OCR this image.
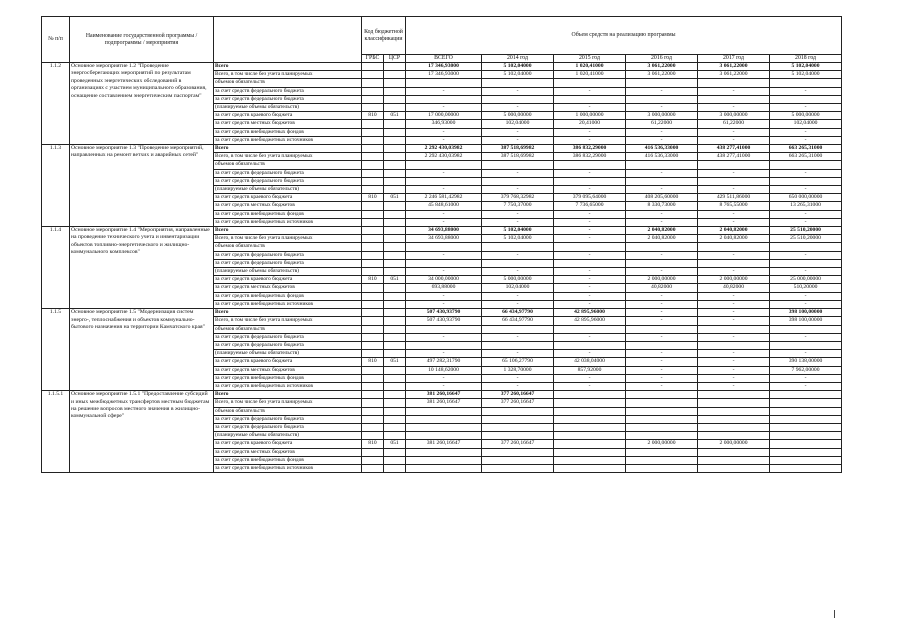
№ п/п	Наименование государственной программы / подпрограммы / мероприятия		Код бюджетной классификации		Объем средств на реализацию программы					
			ГРБС	ЦСР	ВСЕГО	2014 год	2015 год	2016 год	2017 год	2018 год
1.1.2	Основное мероприятие 1.2 "Проведение энергосберегающих мероприятий по результатам проведенных энергетических обследований в организациях с участием муниципального образования, оснащение составлением энергетическим паспортам"	Всего			17 346,93000	5 102,04000	1 020,41000	3 061,22000	3 061,22000	5 102,04000
		Всего, в том числе без учета планируемых			17 346,93000	5 102,04000	1 020,41000	3 061,22000	3 061,22000	5 102,04000
		объемов обязательств								
		за счет средств федерального бюджета			-	-	-	-	-	-
		за счет средств федерального бюджета								
		(планируемые объемы обязательств)			-	-	-	-	-	-
		за счет средств краевого бюджета	810	051	17 000,00000	5 000,00000	1 000,00000	3 000,00000	3 000,00000	5 000,00000
		за счет средств местных бюджетов			346,93000	102,04000	20,41000	61,22000	61,22000	102,04000
		за счет средств внебюджетных фондов			-	-	-	-	-	-
		за счет средств внебюджетных источников			-	-	-	-	-	-
1.1.3	Основное мероприятие 1.3 "Проведение мероприятий, направленных на ремонт ветхих и аварийных сетей"	Всего			2 292 430,03982	387 518,69982	386 832,29000	416 536,33000	438 277,41000	663 265,31000
		Всего, в том числе без учета планируемых			2 292 430,03982	387 518,69982	386 832,29000	416 536,33000	438 277,41000	663 265,31000
		объемов обязательств								
		за счет средств федерального бюджета			-	-	-	-	-	-
		за счет средств федерального бюджета								
		(планируемые объемы обязательств)			-	-	-	-	-	-
		за счет средств краевого бюджета	810	051	2 246 581,42982	379 768,32982	379 095,64000	408 205,60000	429 511,86000	650 000,00000
		за счет средств местных бюджетов			45 848,61000	7 750,37000	7 736,65000	8 330,73000	8 765,55000	13 265,31000
		за счет средств внебюджетных фондов			-	-	-	-	-	-
		за счет средств внебюджетных источников			-	-	-	-	-	-
1.1.4	Основное мероприятие 1.4 "Мероприятия, направленные на проведение технического учета и инвентаризации объектов топливно-энергетического и жилищно-коммунального комплексов"	Всего			34 693,88000	5 102,04000	-	2 040,82000	2 040,82000	25 510,20000
		Всего, в том числе без учета планируемых			34 693,88000	5 102,04000	-	2 040,82000	2 040,82000	25 510,20000
		объемов обязательств								
		за счет средств федерального бюджета			-	-	-	-	-	-
		за счет средств федерального бюджета								
		(планируемые объемы обязательств)			-	-	-	-	-	-
		за счет средств краевого бюджета	810	051	34 000,00000	5 000,00000	-	2 000,00000	2 000,00000	25 000,00000
		за счет средств местных бюджетов			693,88000	102,04000	-	40,82000	40,82000	510,20000
		за счет средств внебюджетных фондов			-	-	-	-	-	-
		за счет средств внебюджетных источников			-	-	-	-	-	-
1.1.5	Основное мероприятие 1.5 "Модернизация систем энерго-, теплоснабжения и объектов коммунально-бытового назначения на территории Камчатского края"	Всего			507 430,93790	66 434,97790	42 895,96000	-	-	398 100,00000
		Всего, в том числе без учета планируемых			507 430,93790	66 434,97790	42 895,96000	-	-	398 100,00000
		объемов обязательств								
		за счет средств федерального бюджета			-	-	-	-	-	-
		за счет средств федерального бюджета								
		(планируемые объемы обязательств)			-	-	-	-	-	-
		за счет средств краевого бюджета	810	051	497 282,31790	65 106,27790	42 038,04000	-	-	390 138,00000
		за счет средств местных бюджетов			10 148,62000	1 328,70000	857,92000	-	-	7 962,00000
		за счет средств внебюджетных фондов			-	-	-	-	-	-
		за счет средств внебюджетных источников			-	-	-	-	-	-
1.1.5.1	Основное мероприятие 1.5.1 "Предоставление субсидий и иных межбюджетных трансфертов местным бюджетам на решение вопросов местного значения в жилищно-коммунальной сфере"	Всего			381 260,16647	377 260,16647				
		Всего, в том числе без учета планируемых			381 260,16647	377 260,16647				
		объемов обязательств								
		за счет средств федерального бюджета								
		за счет средств федерального бюджета								
		(планируемые объемы обязательств)								
		за счет средств краевого бюджета	810	051	381 260,16647	377 260,16647		2 000,00000	2 000,00000	
		за счет средств местных бюджетов								
		за счет средств внебюджетных фондов								
		за счет средств внебюджетных источников								
